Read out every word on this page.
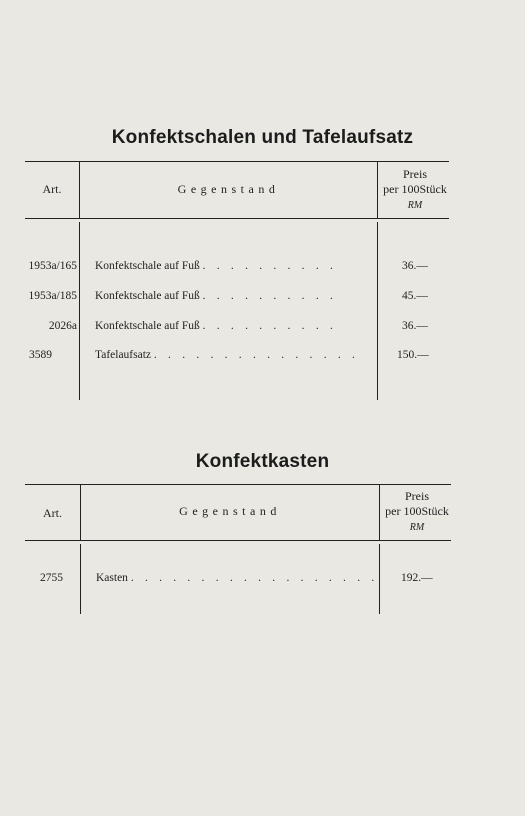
Konfektschalen und Tafelaufsatz
Art.	Gegenstand
Preis
per 100Stück
RM
1953a/165 Konfektschale auf Fuß . . . . . . . . . .	36.—
1953a/185 Konfektschale auf Fuß . . . . . . . . . .	45.—
2026a Konfektschale auf Fuß . . . . . . . . . .	36.—
3589	Tafelaufsatz . . . . . . . . . . . . . . .	150.—
Konfektkasten
Art.	Gegenstand
Preis
per 100Stück
RM
2755	Kasten . . . . . . . . . . . . . . . . . . 192.—
